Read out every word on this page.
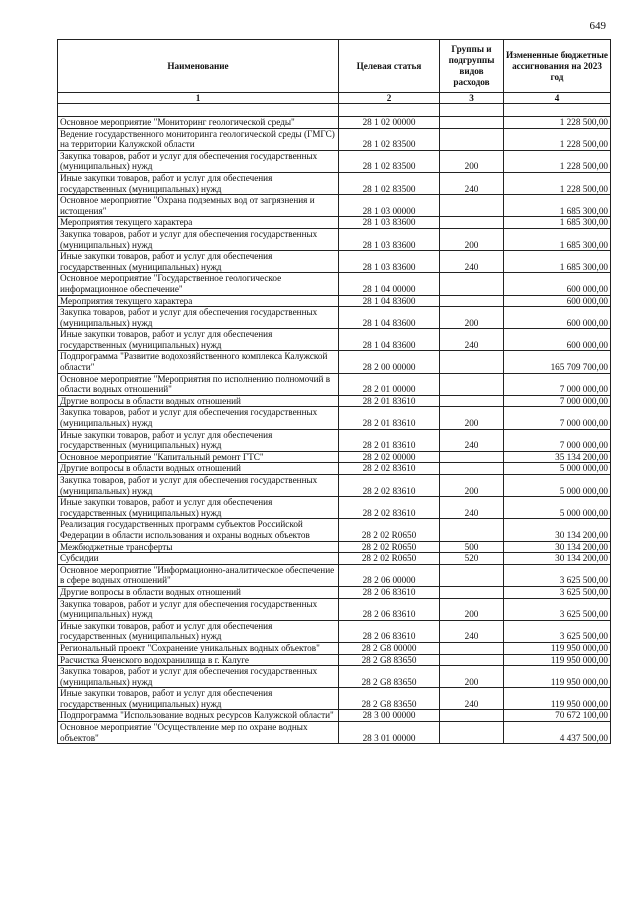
649
Наименование	Целевая статья	Группы и подгруппы видов расходов	Измененные бюджетные ассигнования на 2023 год
1	2	3	4

Основное мероприятие "Мониторинг геологической среды"	28 1 02 00000		1 228 500,00
Ведение государственного мониторинга геологической среды (ГМГС) на территории Калужской области	28 1 02 83500		1 228 500,00
Закупка товаров, работ и услуг для обеспечения государственных (муниципальных) нужд	28 1 02 83500	200	1 228 500,00
Иные закупки товаров, работ и услуг для обеспечения государственных (муниципальных) нужд	28 1 02 83500	240	1 228 500,00
Основное мероприятие "Охрана подземных вод от загрязнения и истощения"	28 1 03 00000		1 685 300,00
Мероприятия текущего характера	28 1 03 83600		1 685 300,00
Закупка товаров, работ и услуг для обеспечения государственных (муниципальных) нужд	28 1 03 83600	200	1 685 300,00
Иные закупки товаров, работ и услуг для обеспечения государственных (муниципальных) нужд	28 1 03 83600	240	1 685 300,00
Основное мероприятие "Государственное геологическое информационное обеспечение"	28 1 04 00000		600 000,00
Мероприятия текущего характера	28 1 04 83600		600 000,00
Закупка товаров, работ и услуг для обеспечения государственных (муниципальных) нужд	28 1 04 83600	200	600 000,00
Иные закупки товаров, работ и услуг для обеспечения государственных (муниципальных) нужд	28 1 04 83600	240	600 000,00
Подпрограмма "Развитие водохозяйственного комплекса Калужской области"	28 2 00 00000		165 709 700,00
Основное мероприятие "Мероприятия по исполнению полномочий в области водных отношений"	28 2 01 00000		7 000 000,00
Другие вопросы в области водных отношений	28 2 01 83610		7 000 000,00
Закупка товаров, работ и услуг для обеспечения государственных (муниципальных) нужд	28 2 01 83610	200	7 000 000,00
Иные закупки товаров, работ и услуг для обеспечения государственных (муниципальных) нужд	28 2 01 83610	240	7 000 000,00
Основное мероприятие "Капитальный ремонт ГТС"	28 2 02 00000		35 134 200,00
Другие вопросы в области водных отношений	28 2 02 83610		5 000 000,00
Закупка товаров, работ и услуг для обеспечения государственных (муниципальных) нужд	28 2 02 83610	200	5 000 000,00
Иные закупки товаров, работ и услуг для обеспечения государственных (муниципальных) нужд	28 2 02 83610	240	5 000 000,00
Реализация государственных программ субъектов Российской Федерации в области использования и охраны водных объектов	28 2 02 R0650		30 134 200,00
Межбюджетные трансферты	28 2 02 R0650	500	30 134 200,00
Субсидии	28 2 02 R0650	520	30 134 200,00
Основное мероприятие "Информационно-аналитическое обеспечение в сфере водных отношений"	28 2 06 00000		3 625 500,00
Другие вопросы в области водных отношений	28 2 06 83610		3 625 500,00
Закупка товаров, работ и услуг для обеспечения государственных (муниципальных) нужд	28 2 06 83610	200	3 625 500,00
Иные закупки товаров, работ и услуг для обеспечения государственных (муниципальных) нужд	28 2 06 83610	240	3 625 500,00
Региональный проект "Сохранение уникальных водных объектов"	28 2 G8 00000		119 950 000,00
Расчистка Яченского водохранилища в г. Калуге	28 2 G8 83650		119 950 000,00
Закупка товаров, работ и услуг для обеспечения государственных (муниципальных) нужд	28 2 G8 83650	200	119 950 000,00
Иные закупки товаров, работ и услуг для обеспечения государственных (муниципальных) нужд	28 2 G8 83650	240	119 950 000,00
Подпрограмма "Использование водных ресурсов Калужской области"	28 3 00 00000		70 672 100,00
Основное мероприятие "Осуществление мер по охране водных объектов"	28 3 01 00000		4 437 500,00
